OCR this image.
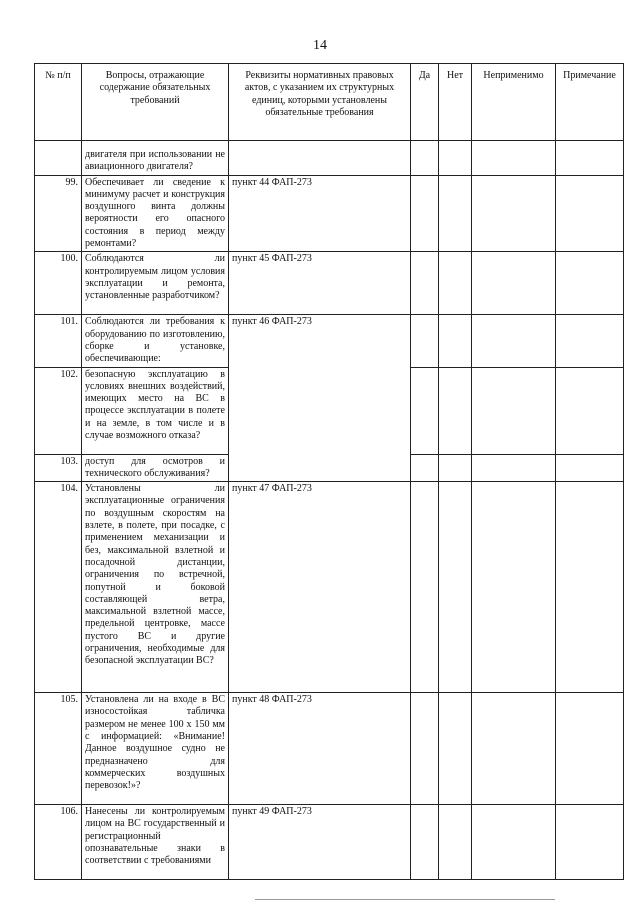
14
№ п/п	Вопросы, отражающие содержание обязательных требований	Реквизиты нормативных правовых актов, с указанием их структурных единиц, которыми установлены обязательные требования	Да	Нет	Неприменимо	Примечание
	двигателя при использовании не авиационного двигателя?					
99.	Обеспечивает ли сведение к минимуму расчет и конструкция воздушного винта должны вероятности его опасного состояния в период между ремонтами?	пункт 44 ФАП-273				
100.	Соблюдаются ли контролируемым лицом условия эксплуатации и ремонта, установленные разработчиком?	пункт 45 ФАП-273				
101.	Соблюдаются ли требования к оборудованию по изготовлению, сборке и установке, обеспечивающие:	пункт 46 ФАП-273				
102.	безопасную эксплуатацию в условиях внешних воздействий, имеющих место на ВС в процессе эксплуатации в полете и на земле, в том числе и в случае возможного отказа?					
103.	доступ для осмотров и технического обслуживания?					
104.	Установлены ли эксплуатационные ограничения по воздушным скоростям на взлете, в полете, при посадке, с применением механизации и без, максимальной взлетной и посадочной дистанции, ограничения по встречной, попутной и боковой составляющей ветра, максимальной взлетной массе, предельной центровке, массе пустого ВС и другие ограничения, необходимые для безопасной эксплуатации ВС?	пункт 47 ФАП-273				
105.	Установлена ли на входе в ВС износостойкая табличка размером не менее 100 х 150 мм с информацией: «Внимание! Данное воздушное судно не предназначено для коммерческих воздушных перевозок!»?	пункт 48 ФАП-273				
106.	Нанесены ли контролируемым лицом на ВС государственный и регистрационный опознавательные знаки в соответствии с требованиями	пункт 49 ФАП-273				
